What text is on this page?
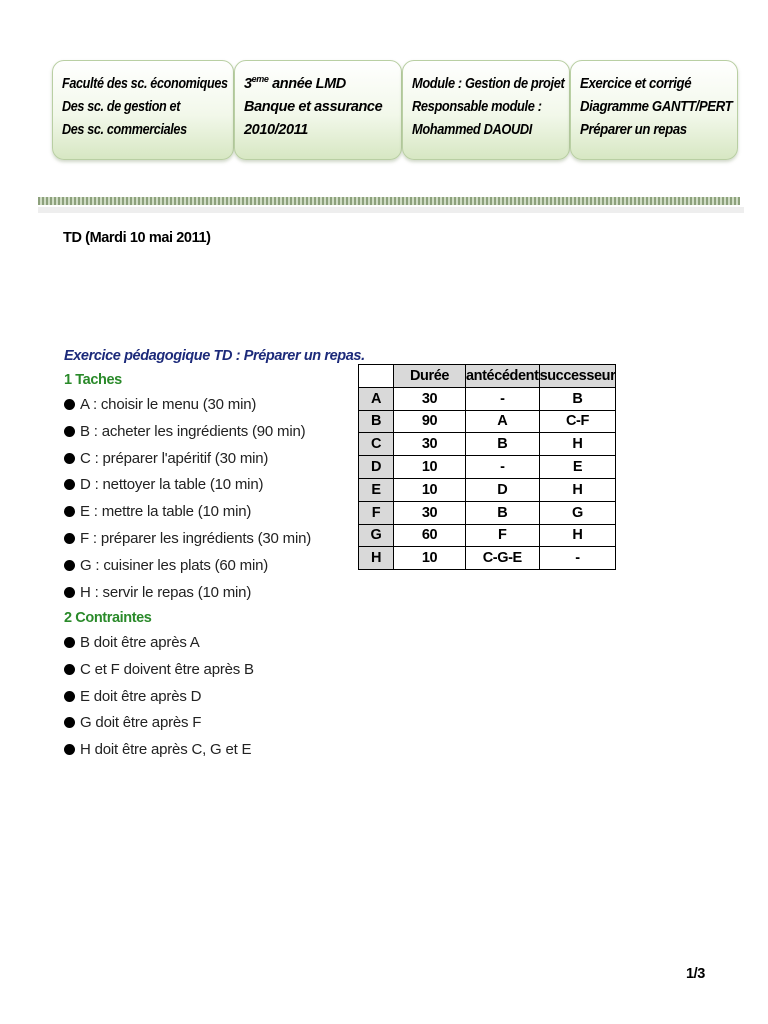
Faculté des sc. économiques
Des sc. de gestion et
Des sc. commerciales
3eme année LMD
Banque et assurance
2010/2011
Module : Gestion de projet
Responsable module :
Mohammed DAOUDI
Exercice et corrigé
Diagramme GANTT/PERT
Préparer un repas
TD (Mardi 10 mai 2011)
Exercice pédagogique TD : Préparer un repas.
1 Taches
A : choisir le menu (30 min)
B : acheter les ingrédients (90 min)
C : préparer l'apéritif (30 min)
D : nettoyer la table (10 min)
E : mettre la table (10 min)
F : préparer les ingrédients (30 min)
G : cuisiner les plats (60 min)
H : servir le repas (10 min)
2 Contraintes
B doit être après A
C et F doivent être après B
E doit être après D
G doit être après F
H doit être après C, G et E
	Durée	antécédent	successeur
A	30	-	B
B	90	A	C-F
C	30	B	H
D	10	-	E
E	10	D	H
F	30	B	G
G	60	F	H
H	10	C-G-E	-
1/3
